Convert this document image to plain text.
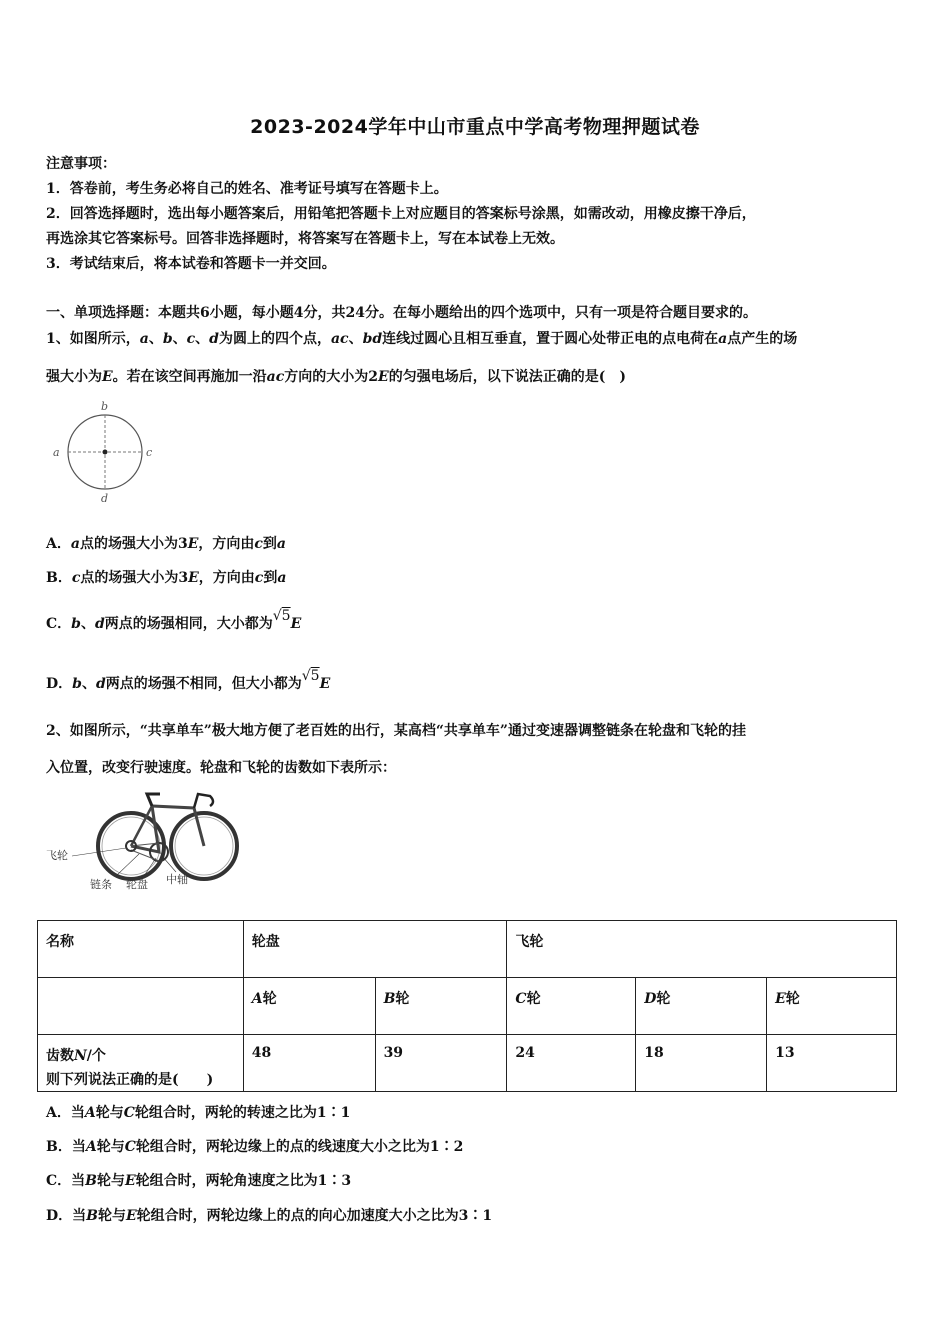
2023-2024学年中山市重点中学高考物理押题试卷
注意事项：
1．答卷前，考生务必将自己的姓名、准考证号填写在答题卡上。
2．回答选择题时，选出每小题答案后，用铅笔把答题卡上对应题目的答案标号涂黑，如需改动，用橡皮擦干净后，
再选涂其它答案标号。回答非选择题时，将答案写在答题卡上，写在本试卷上无效。
3．考试结束后，将本试卷和答题卡一并交回。
一、单项选择题：本题共6小题，每小题4分，共24分。在每小题给出的四个选项中，只有一项是符合题目要求的。
1、如图所示，a、b、c、d为圆上的四个点，ac、bd连线过圆心且相互垂直，置于圆心处带正电的点电荷在a点产生的场
强大小为E。若在该空间再施加一沿ac方向的大小为2E的匀强电场后，以下说法正确的是(　)
a
b
c
d
A．a点的场强大小为3E，方向由c到a
B．c点的场强大小为3E，方向由c到a
C．b、d两点的场强相同，大小都为√5E
D．b、d两点的场强不相同，但大小都为√5E
2、如图所示，“共享单车”极大地方便了老百姓的出行，某高档“共享单车”通过变速器调整链条在轮盘和飞轮的挂
入位置，改变行驶速度。轮盘和飞轮的齿数如下表所示：
飞轮
链条 轮盘 中轴
名称	轮盘		飞轮		
	A轮	B轮	C轮	D轮	E轮
齿数N/个	48	39	24	18	13
则下列说法正确的是(　　)
A．当A轮与C轮组合时，两轮的转速之比为1∶1
B．当A轮与C轮组合时，两轮边缘上的点的线速度大小之比为1∶2
C．当B轮与E轮组合时，两轮角速度之比为1∶3
D．当B轮与E轮组合时，两轮边缘上的点的向心加速度大小之比为3∶1
